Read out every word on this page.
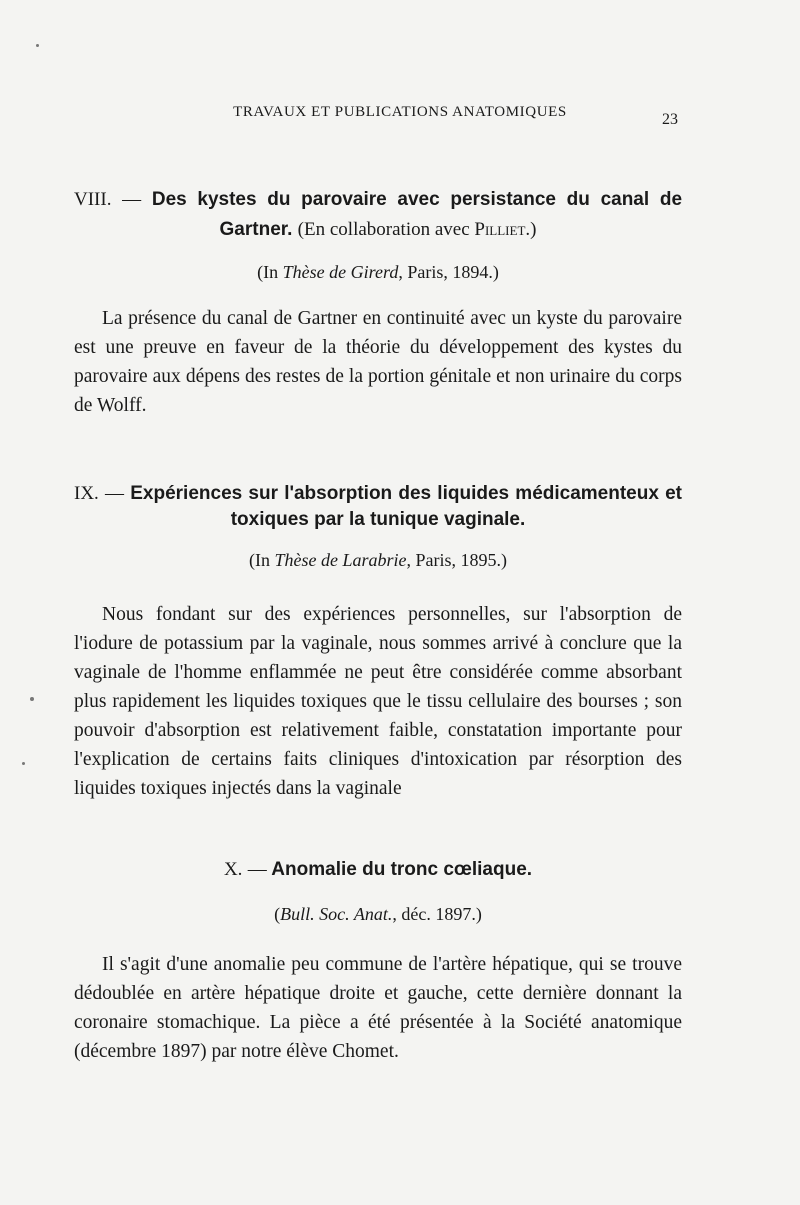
TRAVAUX ET PUBLICATIONS ANATOMIQUES	23
VIII. — Des kystes du parovaire avec persistance du canal de
Gartner. (En collaboration avec Pilliet.)
(In Thèse de Girerd, Paris, 1894.)
La présence du canal de Gartner en continuité avec un kyste du parovaire est une preuve en faveur de la théorie du développement des kystes du parovaire aux dépens des restes de la portion génitale et non urinaire du corps de Wolff.
IX. — Expériences sur l'absorption des liquides médicamenteux et
toxiques par la tunique vaginale.
(In Thèse de Larabrie, Paris, 1895.)
Nous fondant sur des expériences personnelles, sur l'absorption de l'iodure de potassium par la vaginale, nous sommes arrivé à conclure que la vaginale de l'homme enflammée ne peut être considérée comme absorbant plus rapidement les liquides toxiques que le tissu cellulaire des bourses ; son pouvoir d'absorption est relativement faible, constatation importante pour l'explication de certains faits cliniques d'intoxication par résorption des liquides toxiques injectés dans la vaginale
X. — Anomalie du tronc cœliaque.
(Bull. Soc. Anat., déc. 1897.)
Il s'agit d'une anomalie peu commune de l'artère hépatique, qui se trouve dédoublée en artère hépatique droite et gauche, cette dernière donnant la coronaire stomachique. La pièce a été présentée à la Société anatomique (décembre 1897) par notre élève Chomet.
